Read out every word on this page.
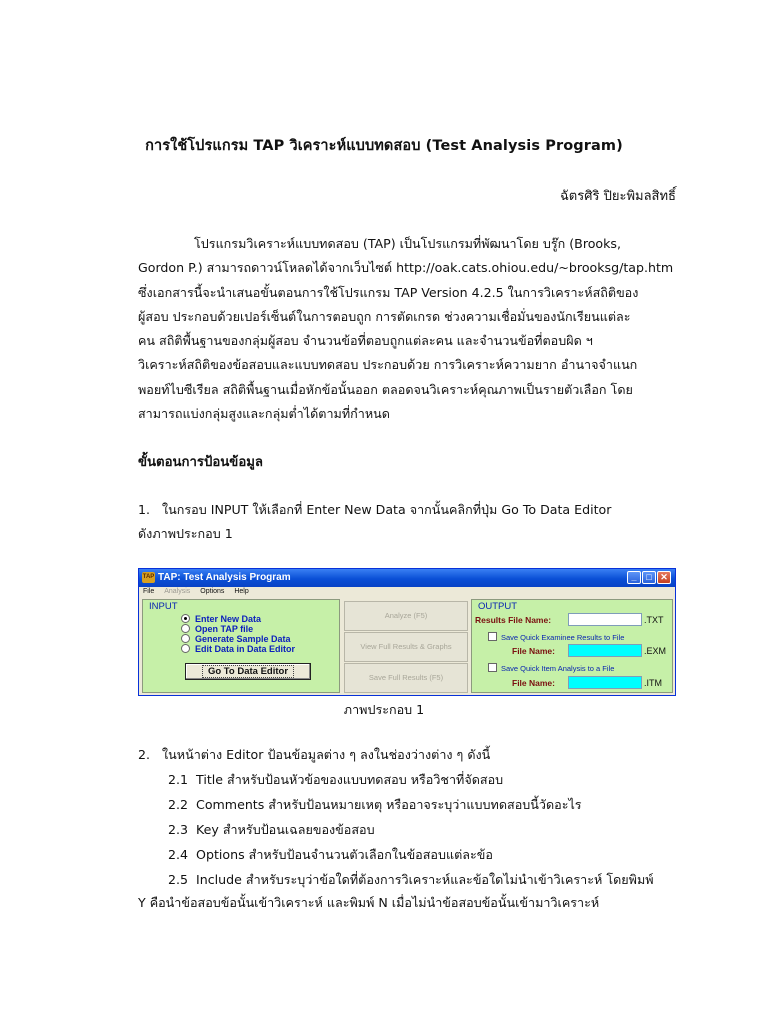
การใช้โปรแกรม TAP วิเคราะห์แบบทดสอบ (Test Analysis Program)
ฉัตรศิริ ปิยะพิมลสิทธิ์
โปรแกรมวิเคราะห์แบบทดสอบ (TAP) เป็นโปรแกรมที่พัฒนาโดย บรู๊ก (Brooks,
Gordon P.) สามารถดาวน์โหลดได้จากเว็บไซต์ http://oak.cats.ohiou.edu/~brooksg/tap.htm
ซึ่งเอกสารนี้จะนำเสนอขั้นตอนการใช้โปรแกรม TAP Version 4.2.5 ในการวิเคราะห์สถิติของ
ผู้สอบ ประกอบด้วยเปอร์เซ็นต์ในการตอบถูก การตัดเกรด ช่วงความเชื่อมั่นของนักเรียนแต่ละ
คน สถิติพื้นฐานของกลุ่มผู้สอบ จำนวนข้อที่ตอบถูกแต่ละคน และจำนวนข้อที่ตอบผิด ฯ
วิเคราะห์สถิติของข้อสอบและแบบทดสอบ ประกอบด้วย การวิเคราะห์ความยาก อำนาจจำแนก
พอยท์ไบซีเรียล สถิติพื้นฐานเมื่อหักข้อนั้นออก ตลอดจนวิเคราะห์คุณภาพเป็นรายตัวเลือก โดย
สามารถแบ่งกลุ่มสูงและกลุ่มต่ำได้ตามที่กำหนด
ขั้นตอนการป้อนข้อมูล
1.   ในกรอบ INPUT ให้เลือกที่ Enter New Data จากนั้นคลิกที่ปุ่ม Go To Data Editor
ดังภาพประกอบ 1
TAP TAP: Test Analysis Program	_	□ ✕
File Analysis Options Help
INPUT
Enter New Data
Open TAP file
Generate Sample Data
Edit Data in Data Editor
Go To Data Editor
Analyze (F5)
View Full Results & Graphs
Save Full Results (F5)
OUTPUT
Results File Name:	.TXT
Save Quick Examinee Results to File
File Name:	.EXM
Save Quick Item Analysis to a File
File Name:	.ITM
ภาพประกอบ 1
2.   ในหน้าต่าง Editor ป้อนข้อมูลต่าง ๆ ลงในช่องว่างต่าง ๆ ดังนี้
2.1  Title สำหรับป้อนหัวข้อของแบบทดสอบ หรือวิชาที่จัดสอบ
2.2  Comments สำหรับป้อนหมายเหตุ หรืออาจระบุว่าแบบทดสอบนี้วัดอะไร
2.3  Key สำหรับป้อนเฉลยของข้อสอบ
2.4  Options สำหรับป้อนจำนวนตัวเลือกในข้อสอบแต่ละข้อ
2.5  Include สำหรับระบุว่าข้อใดที่ต้องการวิเคราะห์และข้อใดไม่นำเข้าวิเคราะห์ โดยพิมพ์
Y คือนำข้อสอบข้อนั้นเข้าวิเคราะห์ และพิมพ์ N เมื่อไม่นำข้อสอบข้อนั้นเข้ามาวิเคราะห์
